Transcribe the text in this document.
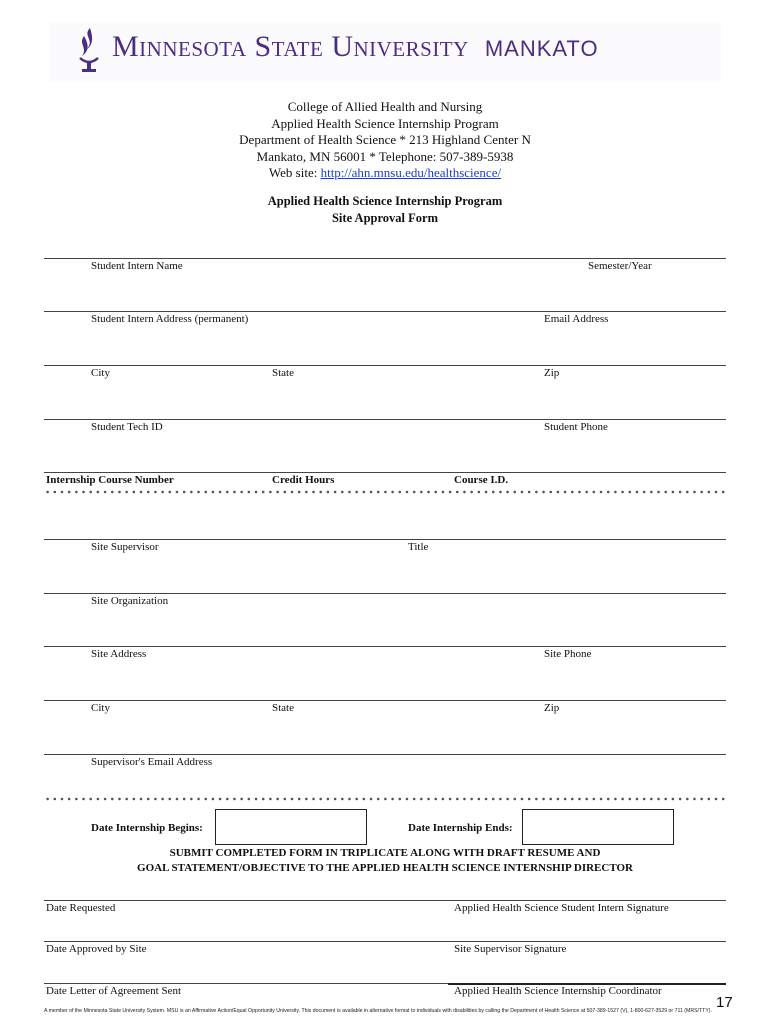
Minnesota State University MANKATO
College of Allied Health and Nursing
Applied Health Science Internship Program
Department of Health Science * 213 Highland Center N
Mankato, MN 56001 * Telephone: 507-389-5938
Web site: http://ahn.mnsu.edu/healthscience/
Applied Health Science Internship Program
Site Approval Form
Student Intern Name	Semester/Year
Student Intern Address (permanent)	Email Address
City	State	Zip
Student Tech ID	Student Phone
Internship Course Number	Credit Hours	Course I.D.
Site Supervisor	Title
Site Organization
Site Address	Site Phone
City	State	Zip
Supervisor's Email Address
Date Internship Begins:	Date Internship Ends:
SUBMIT COMPLETED FORM IN TRIPLICATE ALONG WITH DRAFT RESUME AND
GOAL STATEMENT/OBJECTIVE TO THE APPLIED HEALTH SCIENCE INTERNSHIP DIRECTOR
Date Requested	Applied Health Science Student Intern Signature
Date Approved by Site	Site Supervisor Signature
Date Letter of Agreement Sent	Applied Health Science Internship Coordinator
17
A member of the Minnesota State University System. MSU is an Affirmative Action/Equal Opportunity University. This document is available in alternative format to individuals with disabilities by calling the Department of Health Science at 507-389-1527 (V), 1-800-627-3529 or 711 (MRS/TTY).
